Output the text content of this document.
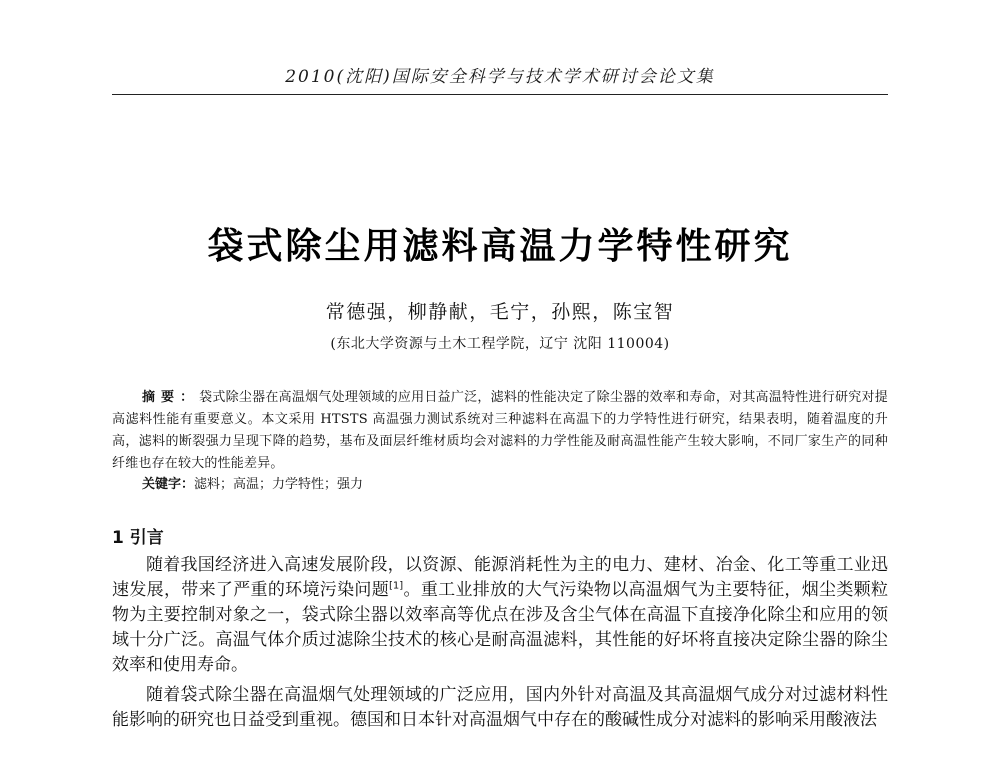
2010(沈阳)国际安全科学与技术学术研讨会论文集
袋式除尘用滤料高温力学特性研究
常德强，柳静献，毛宁，孙熙，陈宝智
(东北大学资源与土木工程学院，辽宁 沈阳 110004)
摘要：袋式除尘器在高温烟气处理领域的应用日益广泛，滤料的性能决定了除尘器的效率和寿命，对其高温特性进行研究对提高滤料性能有重要意义。本文采用 HTSTS 高温强力测试系统对三种滤料在高温下的力学特性进行研究，结果表明，随着温度的升高，滤料的断裂强力呈现下降的趋势，基布及面层纤维材质均会对滤料的力学性能及耐高温性能产生较大影响，不同厂家生产的同种纤维也存在较大的性能差异。
关键字：滤料；高温；力学特性；强力
1 引言

随着我国经济进入高速发展阶段，以资源、能源消耗性为主的电力、建材、冶金、化工等重工业迅速发展，带来了严重的环境污染问题[1]。重工业排放的大气污染物以高温烟气为主要特征，烟尘类颗粒物为主要控制对象之一，袋式除尘器以效率高等优点在涉及含尘气体在高温下直接净化除尘和应用的领域十分广泛。高温气体介质过滤除尘技术的核心是耐高温滤料，其性能的好坏将直接决定除尘器的除尘效率和使用寿命。

随着袋式除尘器在高温烟气处理领域的广泛应用，国内外针对高温及其高温烟气成分对过滤材料性能影响的研究也日益受到重视。德国和日本针对高温烟气中存在的酸碱性成分对滤料的影响采用酸液法
